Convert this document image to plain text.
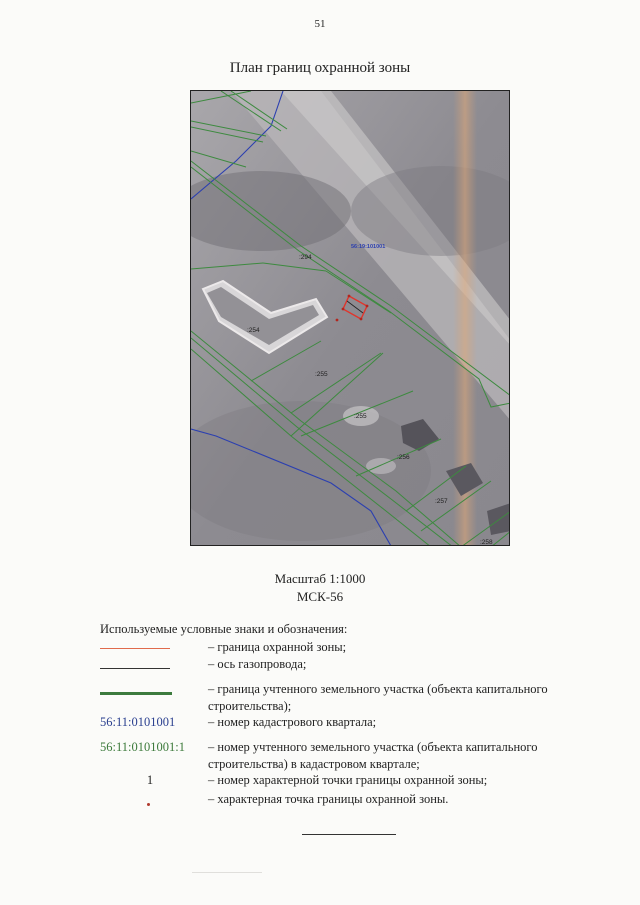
51
План границ охранной зоны
56:19:101001
:294
:254
:255
:255
:256
:257
:258
Масштаб 1:1000
МСК-56
Используемые условные знаки и обозначения:
– граница охранной зоны;
– ось газопровода;
– граница учтенного земельного участка (объекта капитального строительства);
56:11:0101001	– номер кадастрового квартала;
56:11:0101001:1	– номер учтенного земельного участка (объекта капитального строительства) в кадастровом квартале;
1	– номер характерной точки границы охранной зоны;
– характерная точка границы охранной зоны.
